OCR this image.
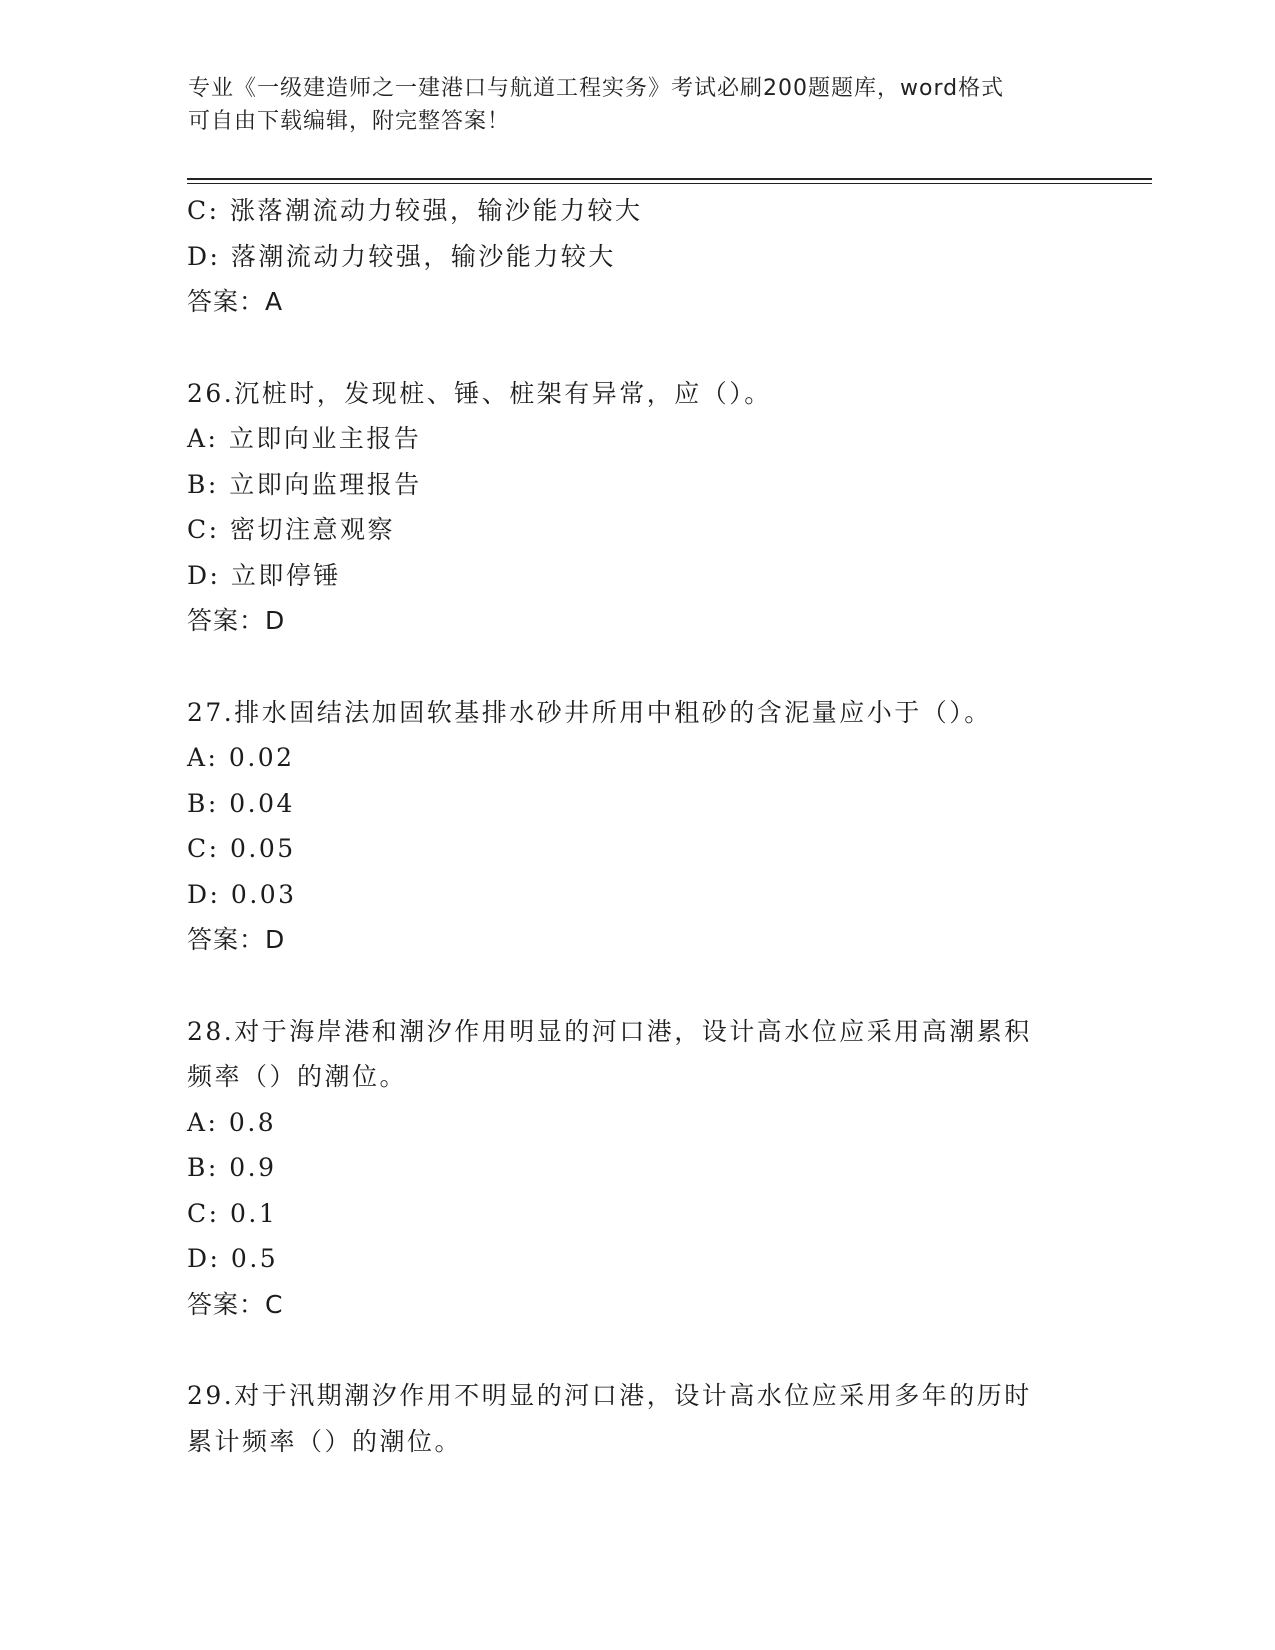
专业《一级建造师之一建港口与航道工程实务》考试必刷200题题库，word格式
可自由下载编辑，附完整答案！
C: 涨落潮流动力较强，输沙能力较大
D: 落潮流动力较强，输沙能力较大
答案：A
26.沉桩时，发现桩、锤、桩架有异常，应（）。
A: 立即向业主报告
B: 立即向监理报告
C: 密切注意观察
D: 立即停锤
答案：D
27.排水固结法加固软基排水砂井所用中粗砂的含泥量应小于（）。
A: 0.02
B: 0.04
C: 0.05
D: 0.03
答案：D
28.对于海岸港和潮汐作用明显的河口港，设计高水位应采用高潮累积
频率（）的潮位。
A: 0.8
B: 0.9
C: 0.1
D: 0.5
答案：C
29.对于汛期潮汐作用不明显的河口港，设计高水位应采用多年的历时
累计频率（）的潮位。
